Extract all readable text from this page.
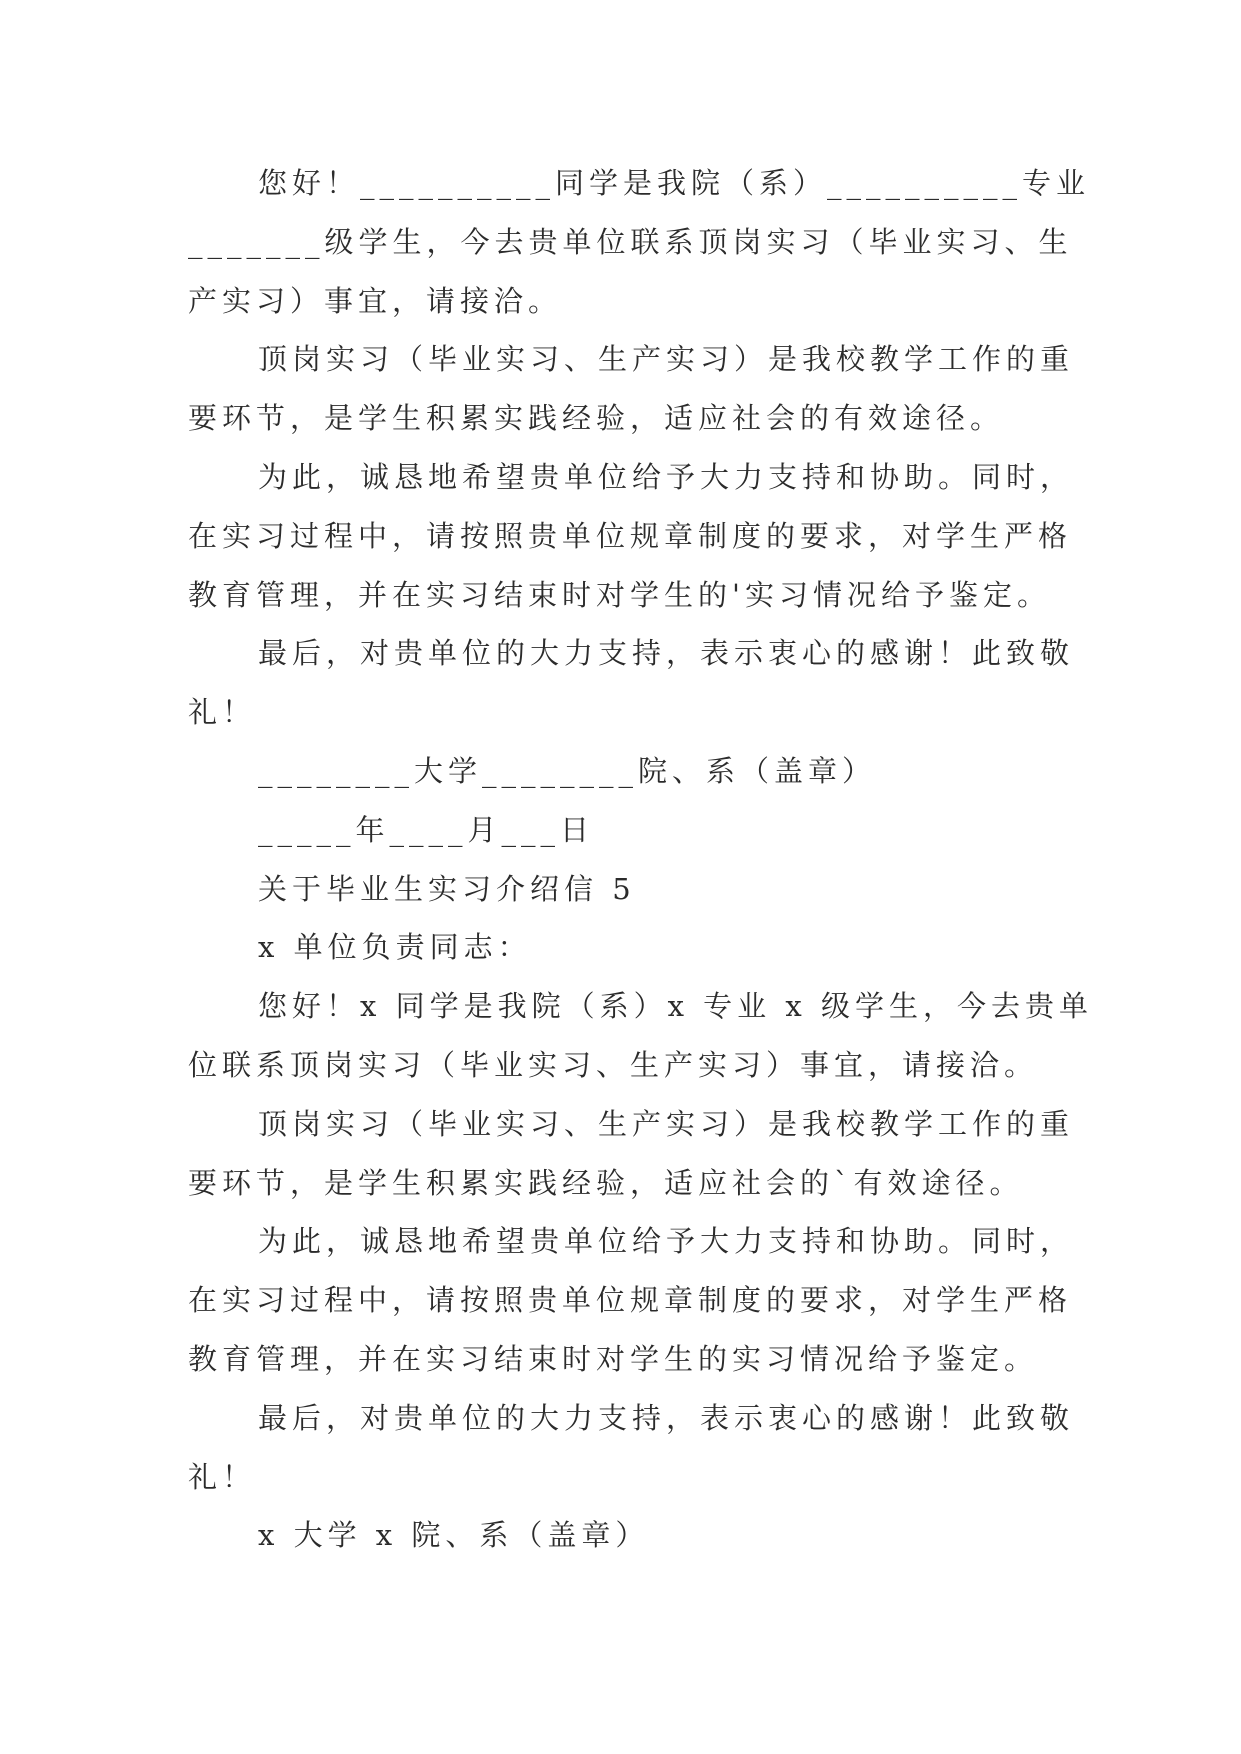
您好！__________同学是我院（系）__________专业
_______级学生，今去贵单位联系顶岗实习（毕业实习、生
产实习）事宜，请接洽。
顶岗实习（毕业实习、生产实习）是我校教学工作的重
要环节，是学生积累实践经验，适应社会的有效途径。
为此，诚恳地希望贵单位给予大力支持和协助。同时，
在实习过程中，请按照贵单位规章制度的要求，对学生严格
教育管理，并在实习结束时对学生的'实习情况给予鉴定。
最后，对贵单位的大力支持，表示衷心的感谢！此致敬
礼！
________大学________院、系（盖章）
_____年____月___日
关于毕业生实习介绍信 5
x 单位负责同志：
您好！x 同学是我院（系）x 专业 x 级学生，今去贵单
位联系顶岗实习（毕业实习、生产实习）事宜，请接洽。
顶岗实习（毕业实习、生产实习）是我校教学工作的重
要环节，是学生积累实践经验，适应社会的`有效途径。
为此，诚恳地希望贵单位给予大力支持和协助。同时，
在实习过程中，请按照贵单位规章制度的要求，对学生严格
教育管理，并在实习结束时对学生的实习情况给予鉴定。
最后，对贵单位的大力支持，表示衷心的感谢！此致敬
礼！
x 大学 x 院、系（盖章）
